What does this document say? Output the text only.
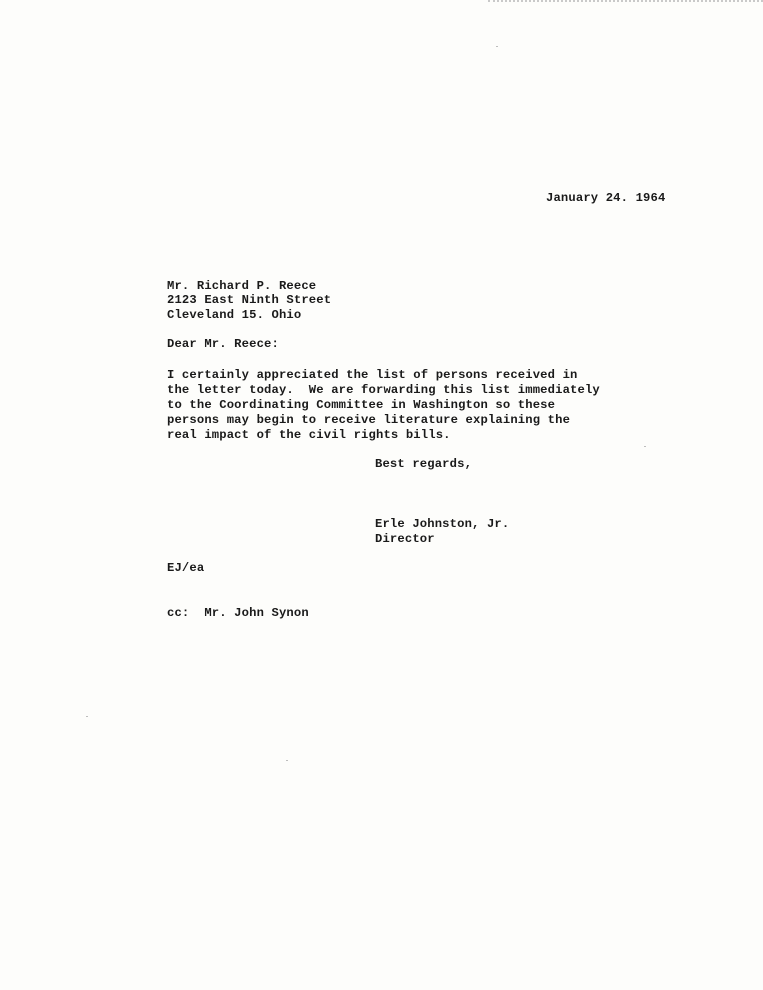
January 24. 1964
Mr. Richard P. Reece
2123 East Ninth Street
Cleveland 15. Ohio
Dear Mr. Reece:
I certainly appreciated the list of persons received in
the letter today.  We are forwarding this list immediately
to the Coordinating Committee in Washington so these
persons may begin to receive literature explaining the
real impact of the civil rights bills.
Best regards,
Erle Johnston, Jr.
Director
EJ/ea
cc:  Mr. John Synon
